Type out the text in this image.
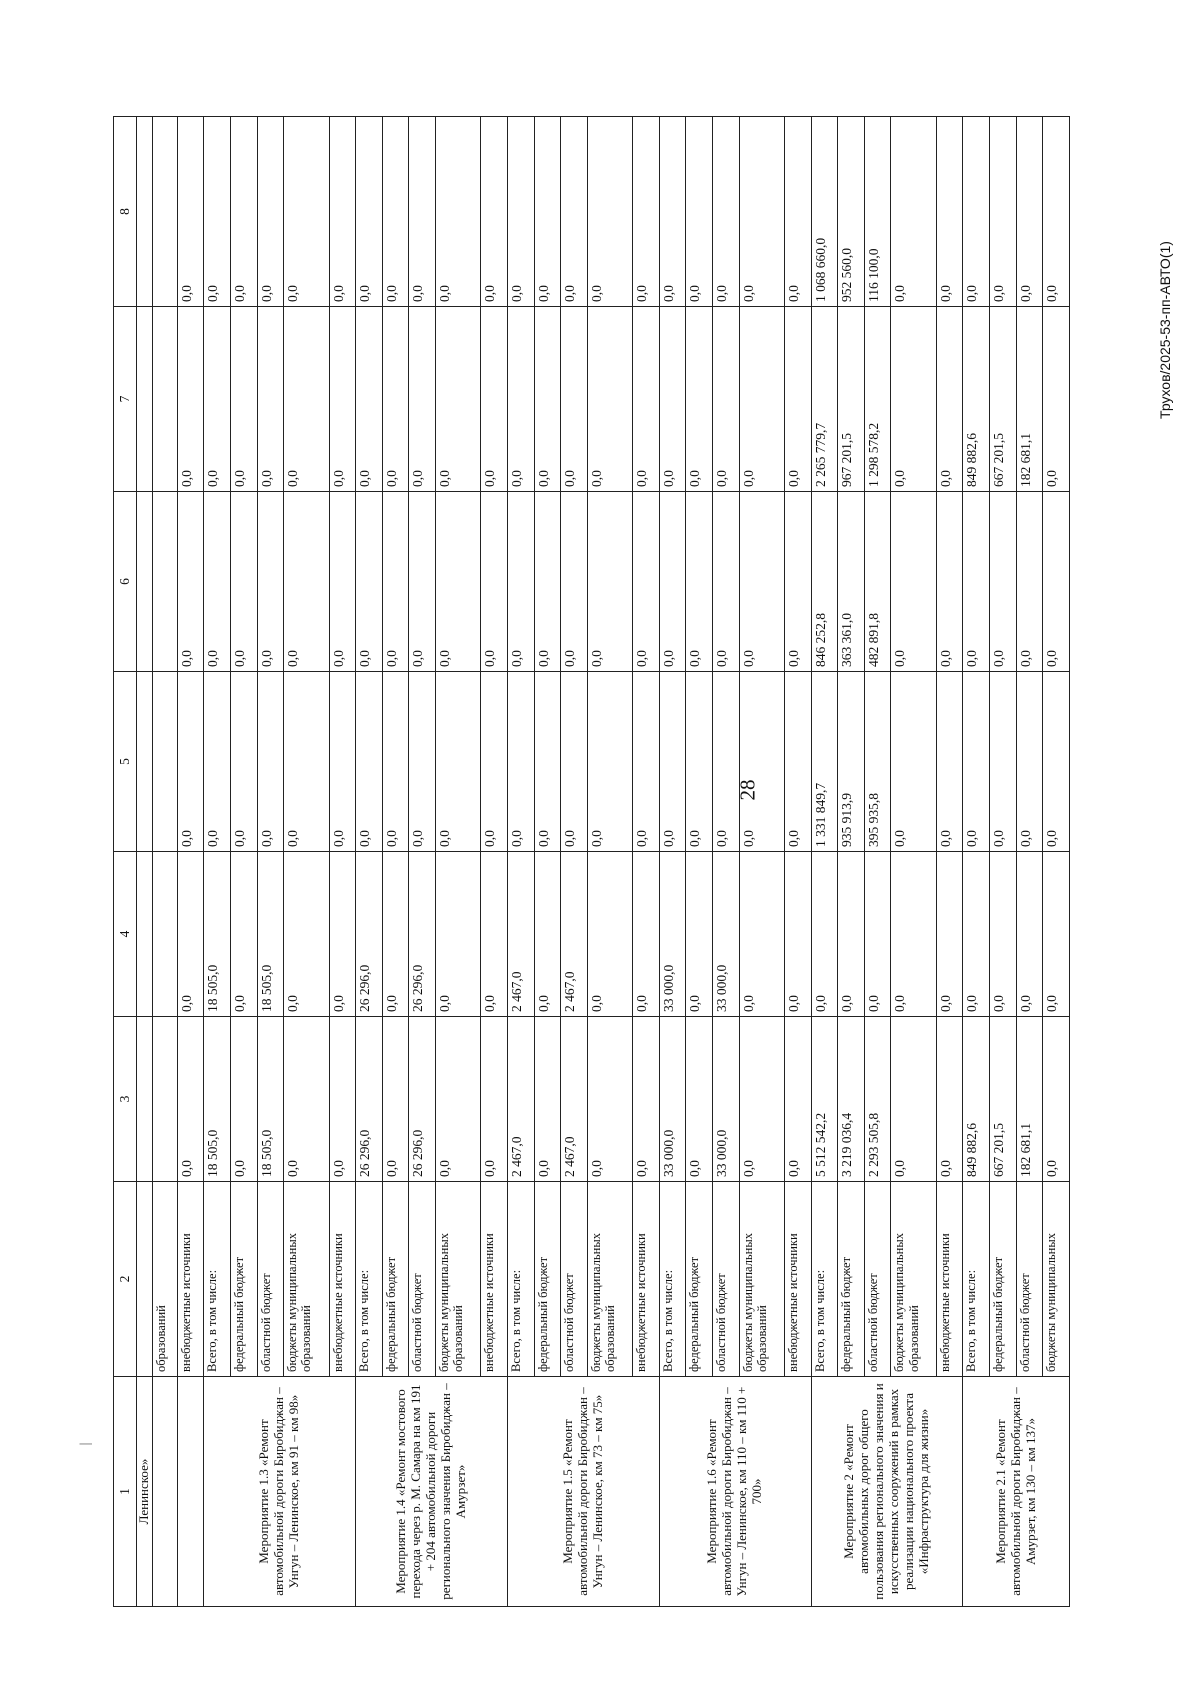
28
Трухов/2025-53-пп-АВТО(1)
|
1	2	3	4	5	6	7	8
Ленинское»							
	образований						
	внебюджетные источники	0,0	0,0	0,0	0,0	0,0	0,0
Мероприятие 1.3 «Ремонт автомобильной дороги Биробиджан – Унгун – Ленинское, км 91 – км 98»	Всего, в том числе:	18 505,0	18 505,0	0,0	0,0	0,0	0,0
	федеральный бюджет	0,0	0,0	0,0	0,0	0,0	0,0
	областной бюджет	18 505,0	18 505,0	0,0	0,0	0,0	0,0
	бюджеты муниципальных образований	0,0	0,0	0,0	0,0	0,0	0,0
	внебюджетные источники	0,0	0,0	0,0	0,0	0,0	0,0
Мероприятие 1.4 «Ремонт мостового перехода через р. М. Самара на км 191 + 204 автомобильной дороги регионального значения Биробиджан – Амурзет»	Всего, в том числе:	26 296,0	26 296,0	0,0	0,0	0,0	0,0
	федеральный бюджет	0,0	0,0	0,0	0,0	0,0	0,0
	областной бюджет	26 296,0	26 296,0	0,0	0,0	0,0	0,0
	бюджеты муниципальных образований	0,0	0,0	0,0	0,0	0,0	0,0
	внебюджетные источники	0,0	0,0	0,0	0,0	0,0	0,0
Мероприятие 1.5 «Ремонт автомобильной дороги Биробиджан – Унгун – Ленинское, км 73 – км 75»	Всего, в том числе:	2 467,0	2 467,0	0,0	0,0	0,0	0,0
	федеральный бюджет	0,0	0,0	0,0	0,0	0,0	0,0
	областной бюджет	2 467,0	2 467,0	0,0	0,0	0,0	0,0
	бюджеты муниципальных образований	0,0	0,0	0,0	0,0	0,0	0,0
	внебюджетные источники	0,0	0,0	0,0	0,0	0,0	0,0
Мероприятие 1.6 «Ремонт автомобильной дороги Биробиджан – Унгун – Ленинское, км 110 – км 110 + 700»	Всего, в том числе:	33 000,0	33 000,0	0,0	0,0	0,0	0,0
	федеральный бюджет	0,0	0,0	0,0	0,0	0,0	0,0
	областной бюджет	33 000,0	33 000,0	0,0	0,0	0,0	0,0
	бюджеты муниципальных образований	0,0	0,0	0,0	0,0	0,0	0,0
	внебюджетные источники	0,0	0,0	0,0	0,0	0,0	0,0
Мероприятие 2 «Ремонт автомобильных дорог общего пользования регионального значения и искусственных сооружений в рамках реализации национального проекта «Инфраструктура для жизни»	Всего, в том числе:	5 512 542,2	0,0	1 331 849,7	846 252,8	2 265 779,7	1 068 660,0
	федеральный бюджет	3 219 036,4	0,0	935 913,9	363 361,0	967 201,5	952 560,0
	областной бюджет	2 293 505,8	0,0	395 935,8	482 891,8	1 298 578,2	116 100,0
	бюджеты муниципальных образований	0,0	0,0	0,0	0,0	0,0	0,0
	внебюджетные источники	0,0	0,0	0,0	0,0	0,0	0,0
Мероприятие 2.1 «Ремонт автомобильной дороги Биробиджан – Амурзет, км 130 – км 137»	Всего, в том числе:	849 882,6	0,0	0,0	0,0	849 882,6	0,0
	федеральный бюджет	667 201,5	0,0	0,0	0,0	667 201,5	0,0
	областной бюджет	182 681,1	0,0	0,0	0,0	182 681,1	0,0
	бюджеты муниципальных	0,0	0,0	0,0	0,0	0,0	0,0
